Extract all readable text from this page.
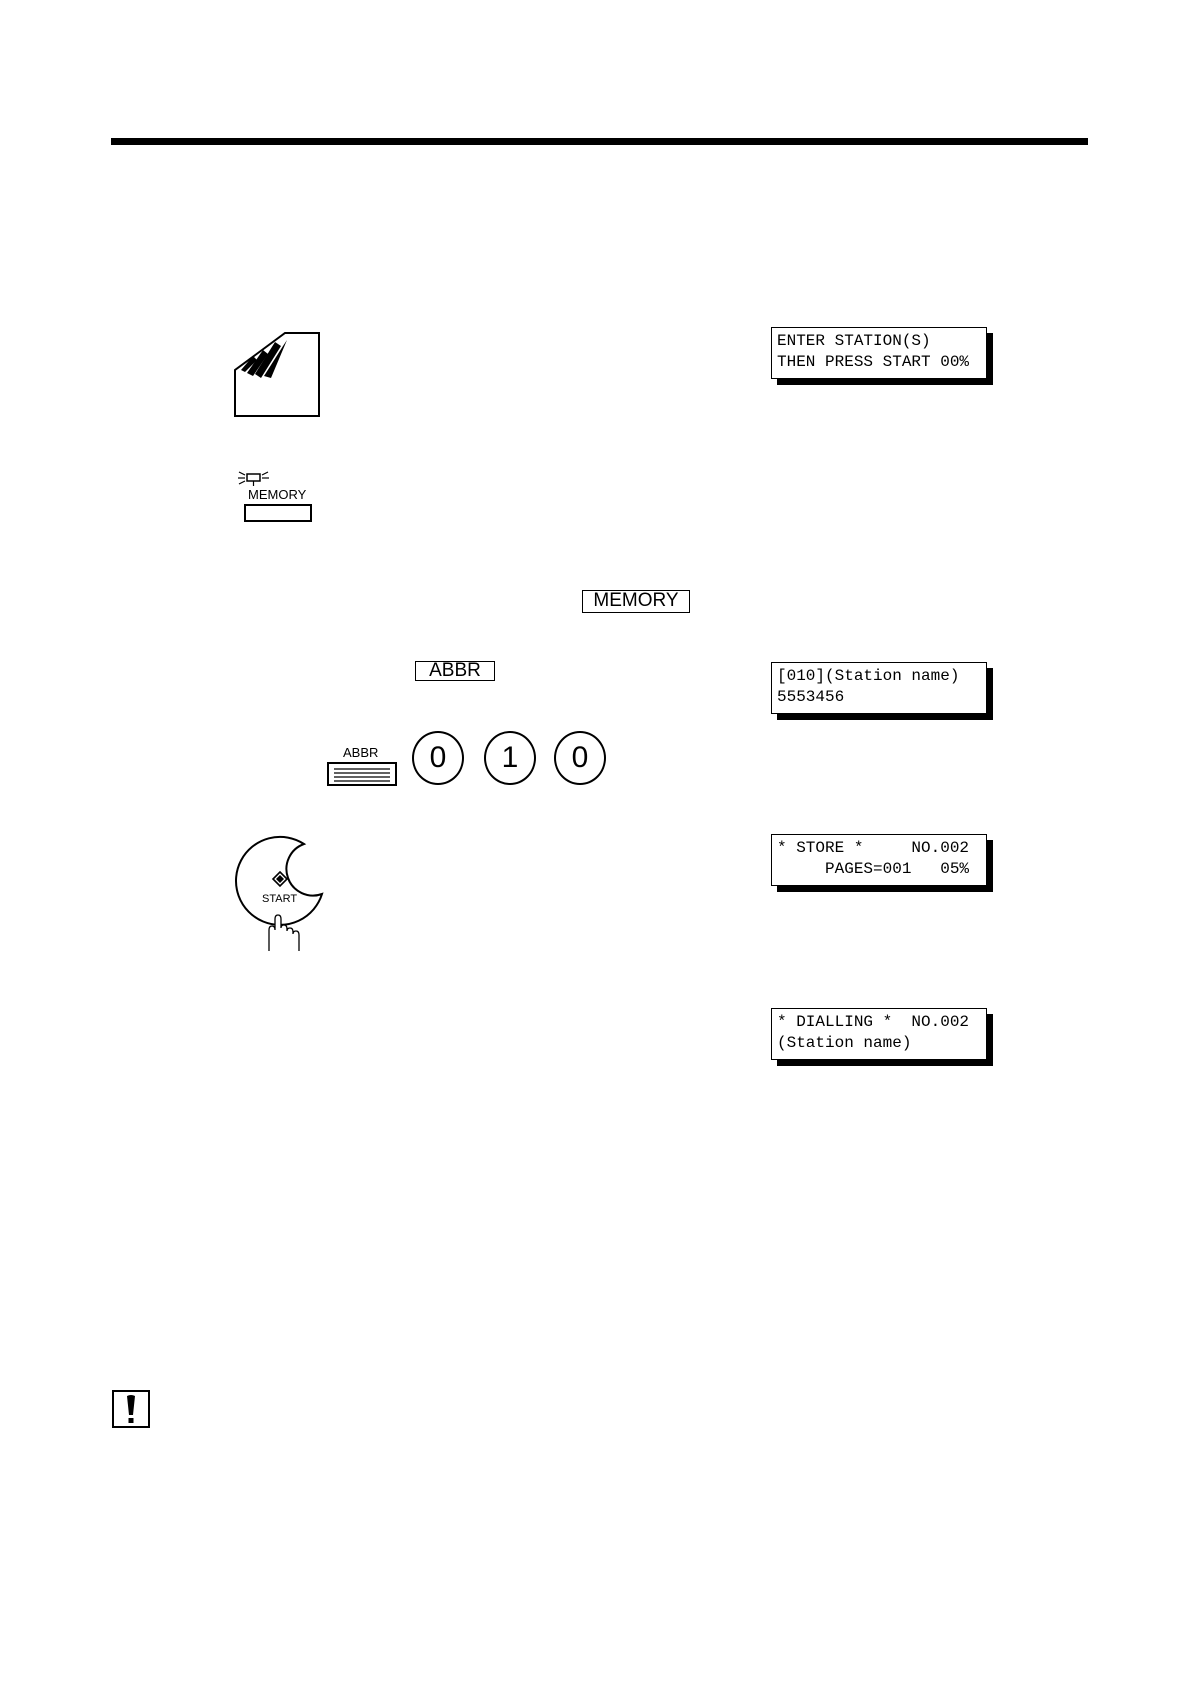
ENTER STATION(S)
THEN PRESS START 00%
MEMORY
MEMORY
ABBR	[010](Station name)
5553456
ABBR	0	1	0
START
* STORE *     NO.002
PAGES=001   05%
* DIALLING *  NO.002
(Station name)
